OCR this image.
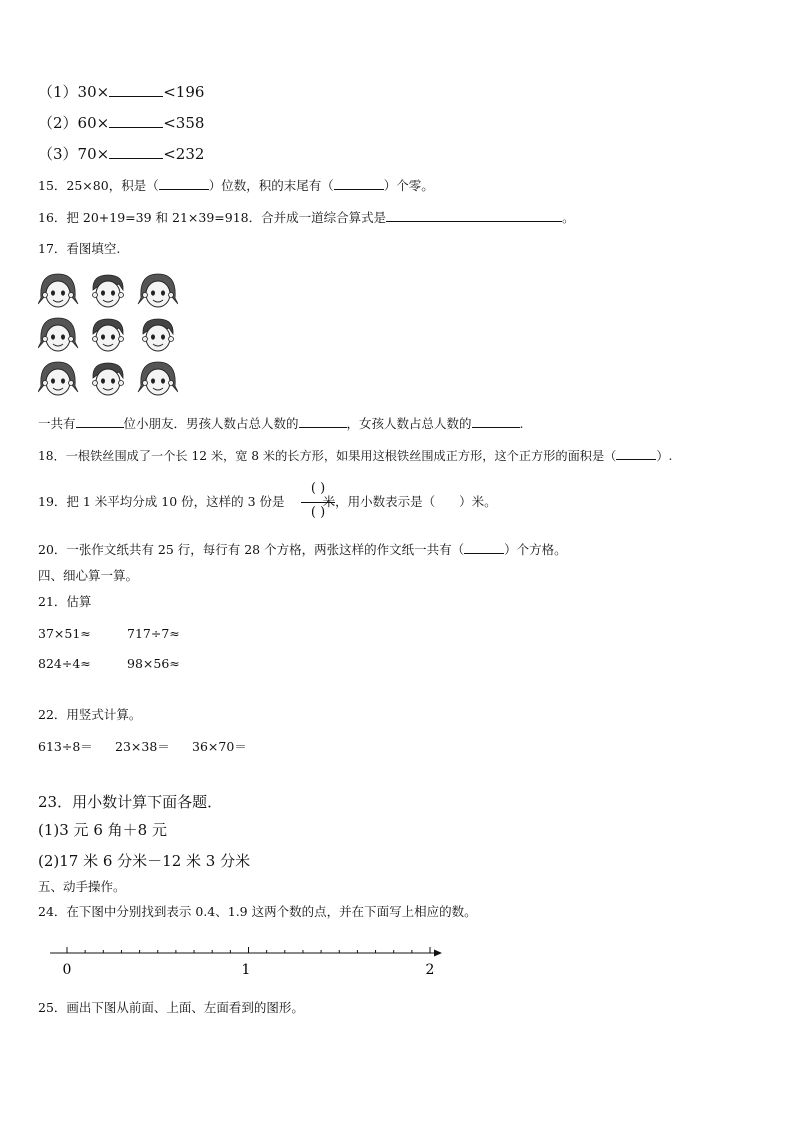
（1）30×	<196
（2）60×	<358
（3）70×	<232
15．25×80，积是（	）位数，积的末尾有（	）个零。
16．把 20+19=39 和 21×39=918．合并成一道综合算式是	。
17．看图填空.
一共有	位小朋友．男孩人数占总人数的	，女孩人数占总人数的	.
18．一根铁丝围成了一个长 12 米，宽 8 米的长方形，如果用这根铁丝围成正方形，这个正方形的面积是（	）.
19．把 1 米平均分成 10 份，这样的 3 份是	米，用小数表示是（ ）米。
( )
( )
20．一张作文纸共有 25 行，每行有 28 个方格，两张这样的作文纸一共有（	）个方格。
四、细心算一算。
21．估算
37×51≈	717÷7≈
824÷4≈	98×56≈
22．用竖式计算。
613÷8＝ 23×38＝ 36×70＝
23．用小数计算下面各题．
(1)3 元 6 角＋8 元
(2)17 米 6 分米－12 米 3 分米
五、动手操作。
24．在下图中分别找到表示 0.4、1.9 这两个数的点，并在下面写上相应的数。
0	1	2
25．画出下图从前面、上面、左面看到的图形。
